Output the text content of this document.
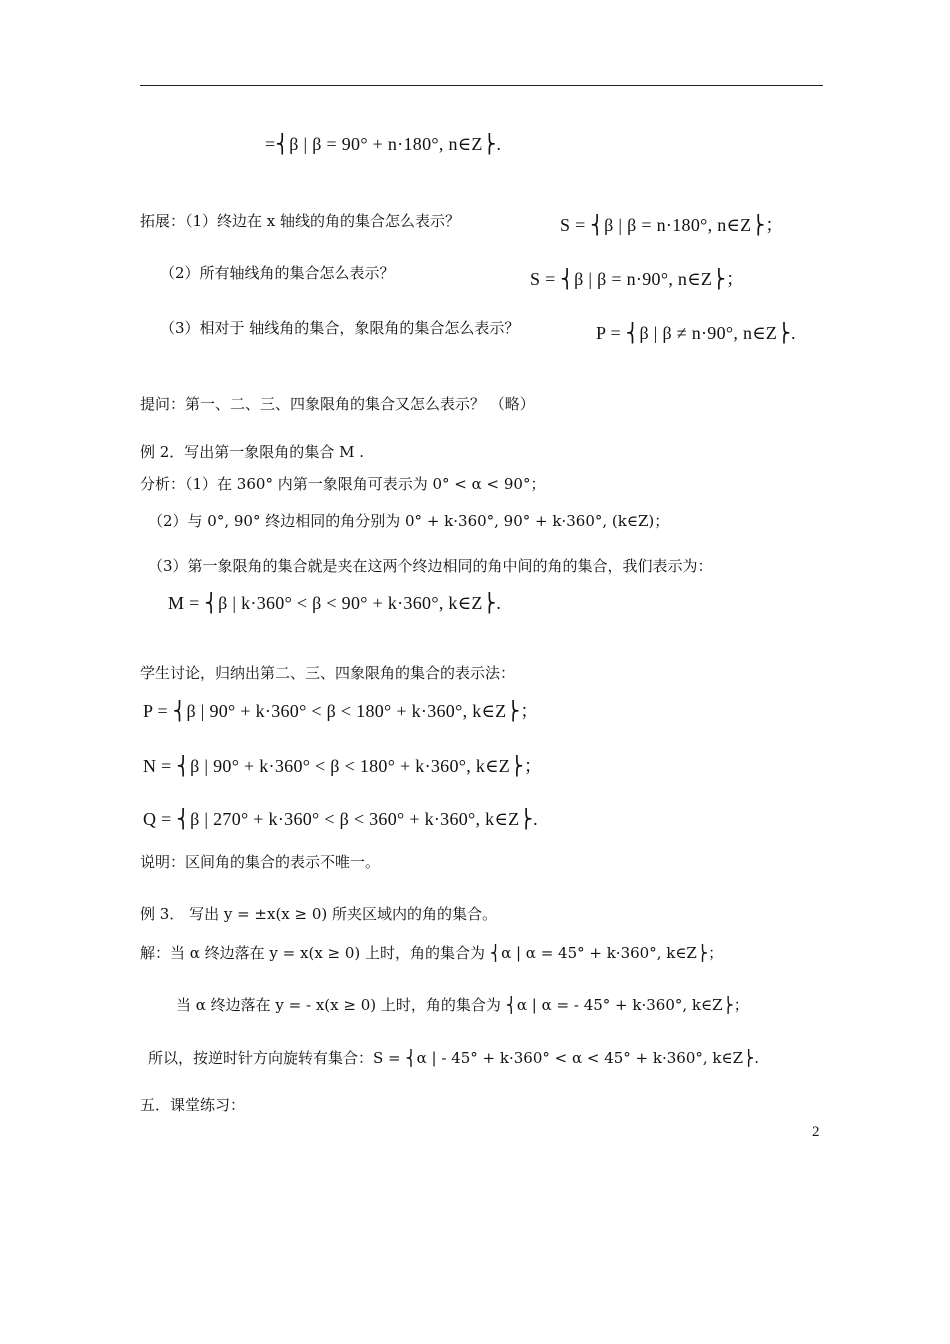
=⎨β | β = 90° + n·180°, n∈Z⎬.
拓展：（1）终边在 x 轴线的角的集合怎么表示？	S = ⎨β | β = n·180°, n∈Z⎬；
（2）所有轴线角的集合怎么表示？	S = ⎨β | β = n·90°, n∈Z⎬；
（3）相对于 轴线角的集合，象限角的集合怎么表示？	P = ⎨β | β ≠ n·90°, n∈Z⎬.
提问：第一、二、三、四象限角的集合又怎么表示？ （略）
例 2．写出第一象限角的集合 M .
分析：（1）在 360° 内第一象限角可表示为 0° < α < 90°；
（2）与 0°, 90° 终边相同的角分别为 0° + k·360°, 90° + k·360°, (k∈Z)；
（3）第一象限角的集合就是夹在这两个终边相同的角中间的角的集合，我们表示为：
M = ⎨β | k·360° < β < 90° + k·360°, k∈Z⎬.
学生讨论，归纳出第二、三、四象限角的集合的表示法：
P = ⎨β | 90° + k·360° < β < 180° + k·360°, k∈Z⎬；
N = ⎨β | 90° + k·360° < β < 180° + k·360°, k∈Z⎬；
Q = ⎨β | 270° + k·360° < β < 360° + k·360°, k∈Z⎬.
说明：区间角的集合的表示不唯一。
例 3． 写出 y = ±x(x ≥ 0) 所夹区域内的角的集合。
解：当 α 终边落在 y = x(x ≥ 0) 上时，角的集合为 ⎨α | α = 45° + k·360°, k∈Z⎬；
当 α 终边落在 y = - x(x ≥ 0) 上时，角的集合为 ⎨α | α = - 45° + k·360°, k∈Z⎬；
所以，按逆时针方向旋转有集合：S = ⎨α | - 45° + k·360° < α < 45° + k·360°, k∈Z⎬.
五．课堂练习：
2
